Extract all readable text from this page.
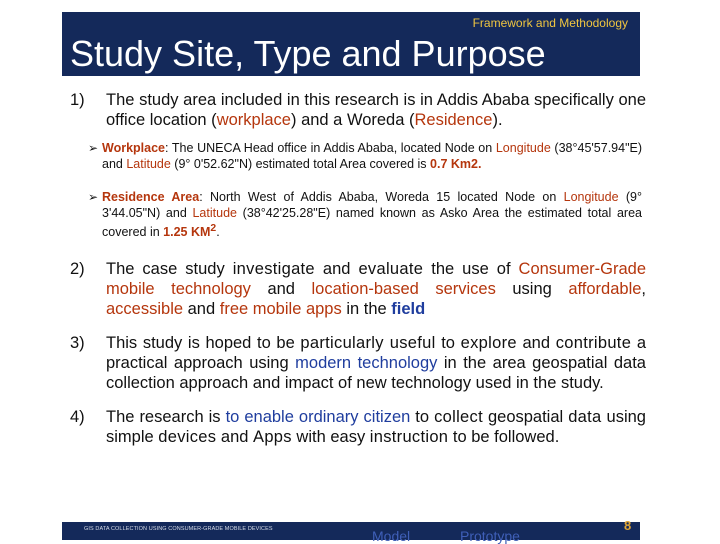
Framework and Methodology
Study Site, Type and Purpose
1) The study area included in this research is in Addis Ababa specifically one office location (workplace) and a Woreda (Residence).
➢ Workplace: The UNECA Head office in Addis Ababa, located Node on Longitude (38°45'57.94"E) and Latitude (9° 0'52.62"N) estimated total Area covered is 0.7 Km2.
➢ Residence Area: North West of Addis Ababa, Woreda 15 located Node on Longitude (9° 3'44.05"N) and Latitude (38°42'25.28"E) named known as Asko Area the estimated total area covered in 1.25 $KM^2$.
2) The case study investigate and evaluate the use of Consumer-Grade mobile technology and location-based services using affordable, accessible and free mobile apps in the field
3) This study is hoped to be particularly useful to explore and contribute a practical approach using modern technology in the area geospatial data collection approach and impact of new technology used in the study.
4) The research is to enable ordinary citizen to collect geospatial data using simple devices and Apps with easy instruction to be followed.
GIS DATA COLLECTION USING CONSUMER-GRADE MOBILE DEVICES	Model	Prototype
8
